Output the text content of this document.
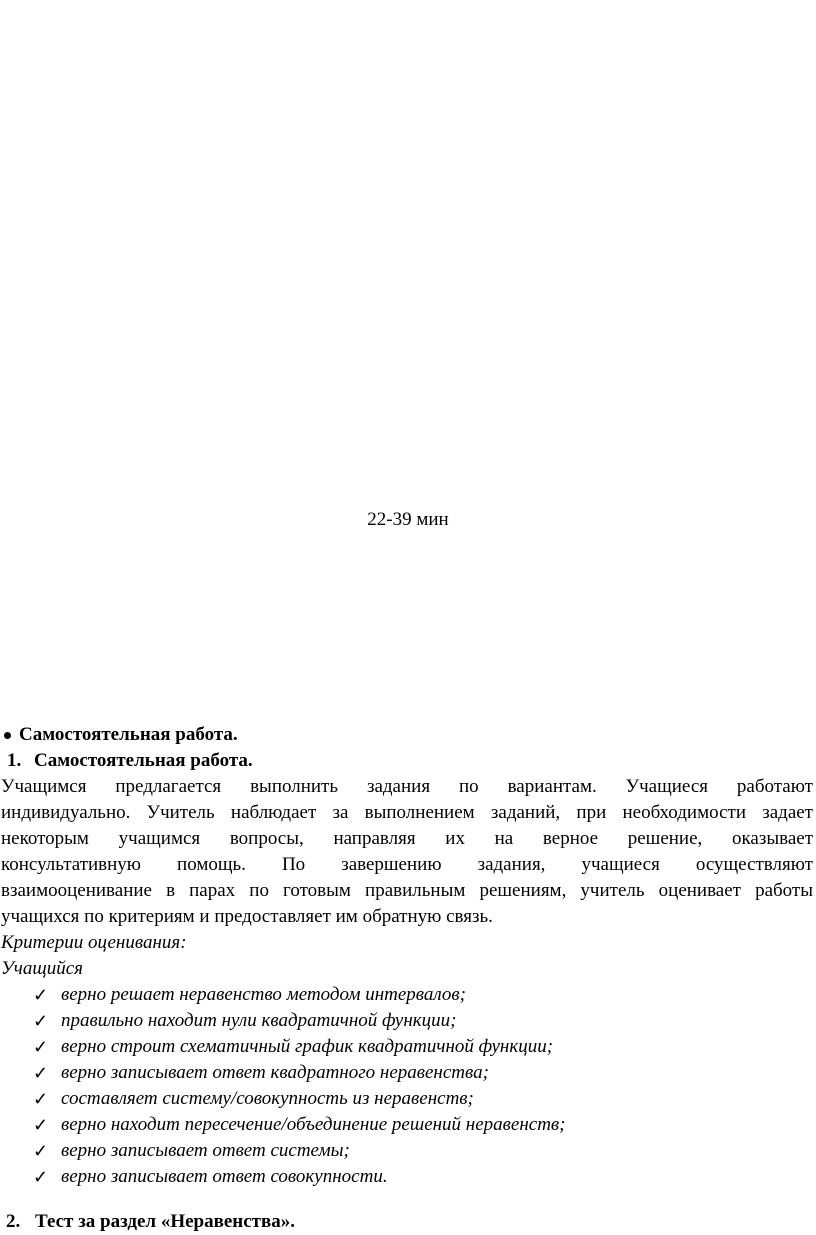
22-39 мин
Самостоятельная работа.
1. Самостоятельная работа.

Учащимся предлагается выполнить задания по вариантам. Учащиеся работают
индивидуально. Учитель наблюдает за выполнением заданий, при необходимости задает
некоторым учащимся вопросы, направляя их на верное решение, оказывает
консультативную помощь. По завершению задания, учащиеся осуществляют
взаимооценивание в парах по готовым правильным решениям, учитель оценивает работы
учащихся по критериям и предоставляет им обратную связь.

Критерии оценивания:
Учащийся
✓ верно решает неравенство методом интервалов;
✓ правильно находит нули квадратичной функции;
✓ верно строит схематичный график квадратичной функции;
✓ верно записывает ответ квадратного неравенства;
✓ составляет систему/совокупность из неравенств;
✓ верно находит пересечение/объединение решений неравенств;
✓ верно записывает ответ системы;
✓ верно записывает ответ совокупности.
2. Тест за раздел «Неравенства».
